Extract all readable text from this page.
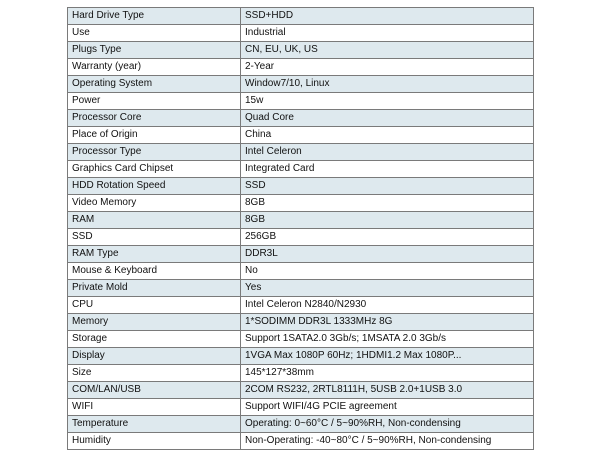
Hard Drive Type	SSD+HDD
Use	Industrial
Plugs Type	CN, EU, UK, US
Warranty (year)	2-Year
Operating System	Window7/10, Linux
Power	15w
Processor Core	Quad Core
Place of Origin	China
Processor Type	Intel Celeron
Graphics Card Chipset	Integrated Card
HDD Rotation Speed	SSD
Video Memory	8GB
RAM	8GB
SSD	256GB
RAM Type	DDR3L
Mouse & Keyboard	No
Private Mold	Yes
CPU	Intel Celeron N2840/N2930
Memory	1*SODIMM DDR3L 1333MHz 8G
Storage	Support 1SATA2.0 3Gb/s; 1MSATA 2.0 3Gb/s
Display	1VGA Max 1080P 60Hz; 1HDMI1.2 Max 1080P...
Size	145*127*38mm
COM/LAN/USB	2COM RS232, 2RTL8111H, 5USB 2.0+1USB 3.0
WIFI	Support WIFI/4G PCIE agreement
Temperature	Operating: 0~60°C / 5~90%RH, Non-condensing
Humidity	Non-Operating: -40~80°C / 5~90%RH, Non-condensing
